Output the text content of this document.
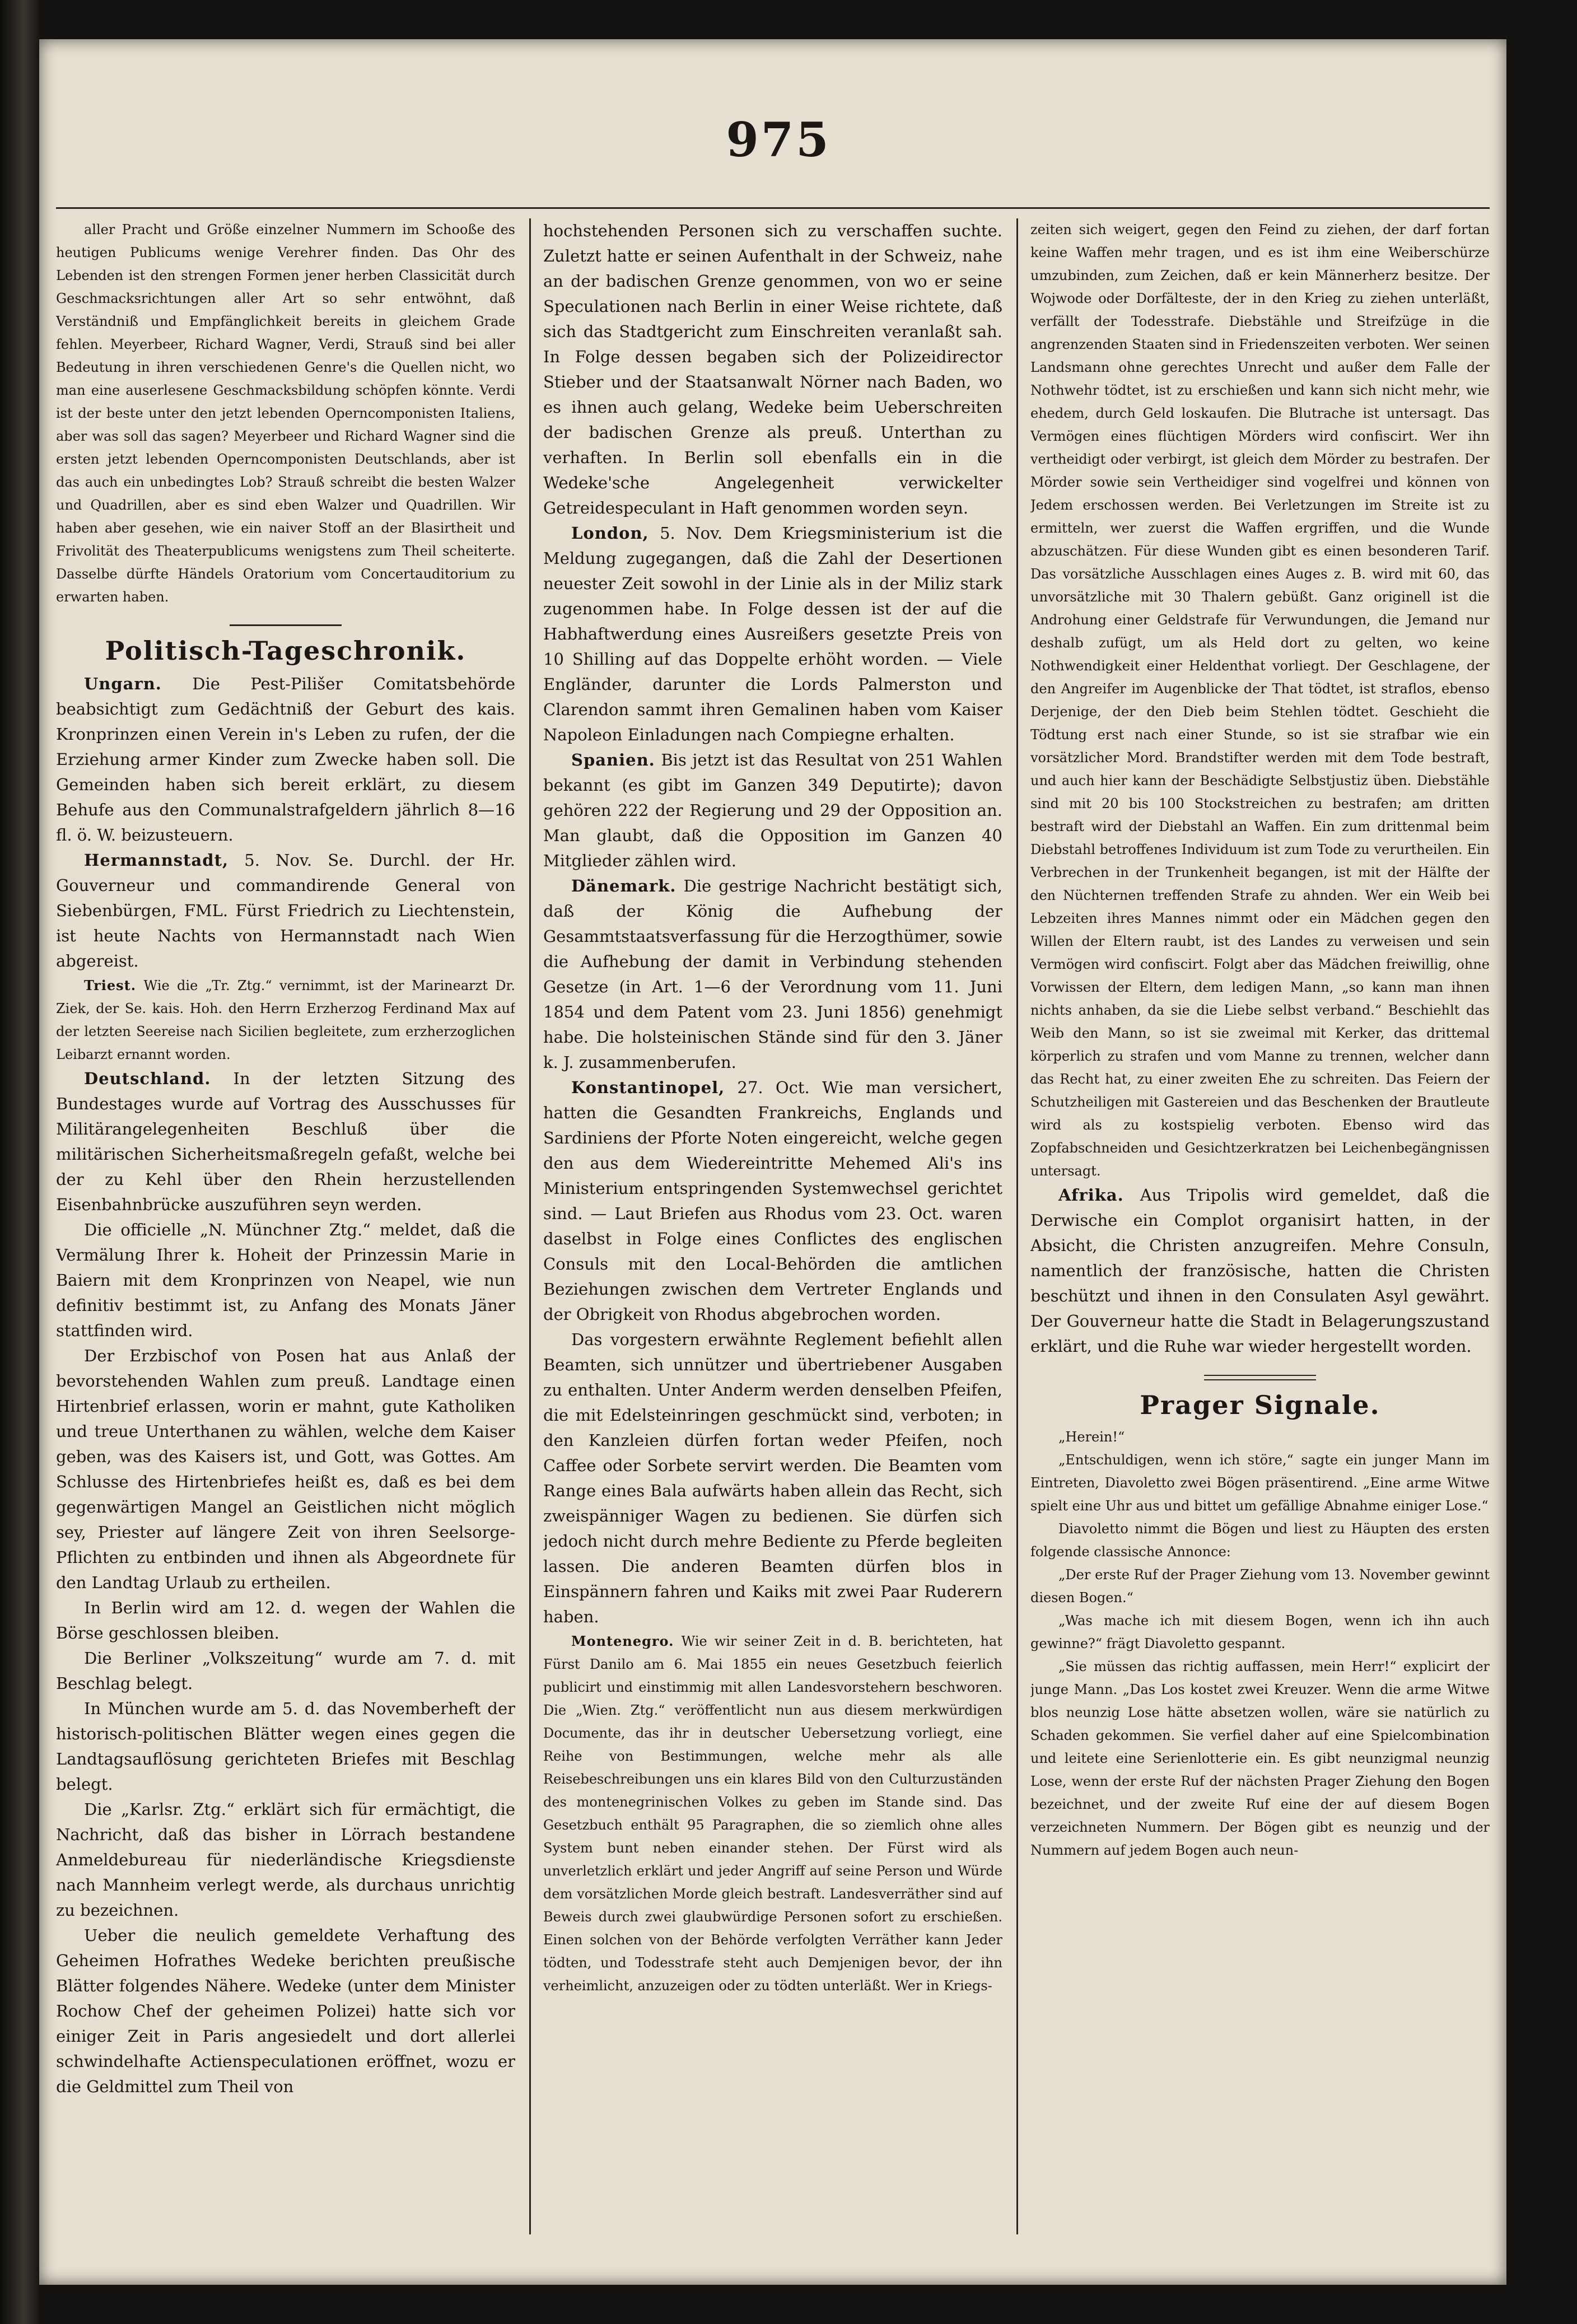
975

aller Pracht und Größe einzelner Nummern im Schooße des heutigen Publicums wenige Verehrer finden. Das Ohr des Lebenden ist den strengen Formen jener herben Classicität durch Geschmacksrichtungen aller Art so sehr entwöhnt, daß Verständniß und Empfänglichkeit bereits in gleichem Grade fehlen. Meyerbeer, Richard Wagner, Verdi, Strauß sind bei aller Bedeutung in ihren verschiedenen Genre's die Quellen nicht, wo man eine auserlesene Geschmacksbildung schöpfen könnte. Verdi ist der beste unter den jetzt lebenden Operncomponisten Italiens, aber was soll das sagen? Meyerbeer und Richard Wagner sind die ersten jetzt lebenden Operncomponisten Deutschlands, aber ist das auch ein unbedingtes Lob? Strauß schreibt die besten Walzer und Quadrillen, aber es sind eben Walzer und Quadrillen. Wir haben aber gesehen, wie ein naiver Stoff an der Blasirtheit und Frivolität des Theaterpublicums wenigstens zum Theil scheiterte. Dasselbe dürfte Händels Oratorium vom Concertauditorium zu erwarten haben.

Politisch-Tageschronik.

Ungarn. Die Pest-Pilišer Comitatsbehörde beabsichtigt zum Gedächtniß der Geburt des kais. Kronprinzen einen Verein in's Leben zu rufen, der die Erziehung armer Kinder zum Zwecke haben soll. Die Gemeinden haben sich bereit erklärt, zu diesem Behufe aus den Communalstrafgeldern jährlich 8—16 fl. ö. W. beizusteuern.

Hermannstadt, 5. Nov. Se. Durchl. der Hr. Gouverneur und commandirende General von Siebenbürgen, FML. Fürst Friedrich zu Liechtenstein, ist heute Nachts von Hermannstadt nach Wien abgereist.

Triest. Wie die „Tr. Ztg.“ vernimmt, ist der Marinearzt Dr. Ziek, der Se. kais. Hoh. den Herrn Erzherzog Ferdinand Max auf der letzten Seereise nach Sicilien begleitete, zum erzherzoglichen Leibarzt ernannt worden.

Deutschland. In der letzten Sitzung des Bundestages wurde auf Vortrag des Ausschusses für Militärangelegenheiten Beschluß über die militärischen Sicherheitsmaßregeln gefaßt, welche bei der zu Kehl über den Rhein herzustellenden Eisenbahnbrücke auszuführen seyn werden.

Die officielle „N. Münchner Ztg.“ meldet, daß die Vermälung Ihrer k. Hoheit der Prinzessin Marie in Baiern mit dem Kronprinzen von Neapel, wie nun definitiv bestimmt ist, zu Anfang des Monats Jäner stattfinden wird.

Der Erzbischof von Posen hat aus Anlaß der bevorstehenden Wahlen zum preuß. Landtage einen Hirtenbrief erlassen, worin er mahnt, gute Katholiken und treue Unterthanen zu wählen, welche dem Kaiser geben, was des Kaisers ist, und Gott, was Gottes. Am Schlusse des Hirtenbriefes heißt es, daß es bei dem gegenwärtigen Mangel an Geistlichen nicht möglich sey, Priester auf längere Zeit von ihren Seelsorge-Pflichten zu entbinden und ihnen als Abgeordnete für den Landtag Urlaub zu ertheilen.

In Berlin wird am 12. d. wegen der Wahlen die Börse geschlossen bleiben.

Die Berliner „Volkszeitung“ wurde am 7. d. mit Beschlag belegt.

In München wurde am 5. d. das Novemberheft der historisch-politischen Blätter wegen eines gegen die Landtagsauflösung gerichteten Briefes mit Beschlag belegt.

Die „Karlsr. Ztg.“ erklärt sich für ermächtigt, die Nachricht, daß das bisher in Lörrach bestandene Anmeldebureau für niederländische Kriegsdienste nach Mannheim verlegt werde, als durchaus unrichtig zu bezeichnen.

Ueber die neulich gemeldete Verhaftung des Geheimen Hofrathes Wedeke berichten preußische Blätter folgendes Nähere. Wedeke (unter dem Minister Rochow Chef der geheimen Polizei) hatte sich vor einiger Zeit in Paris angesiedelt und dort allerlei schwindelhafte Actienspeculationen eröffnet, wozu er die Geldmittel zum Theil von

hochstehenden Personen sich zu verschaffen suchte. Zuletzt hatte er seinen Aufenthalt in der Schweiz, nahe an der badischen Grenze genommen, von wo er seine Speculationen nach Berlin in einer Weise richtete, daß sich das Stadtgericht zum Einschreiten veranlaßt sah. In Folge dessen begaben sich der Polizeidirector Stieber und der Staatsanwalt Nörner nach Baden, wo es ihnen auch gelang, Wedeke beim Ueberschreiten der badischen Grenze als preuß. Unterthan zu verhaften. In Berlin soll ebenfalls ein in die Wedeke'sche Angelegenheit verwickelter Getreidespeculant in Haft genommen worden seyn.

London, 5. Nov. Dem Kriegsministerium ist die Meldung zugegangen, daß die Zahl der Desertionen neuester Zeit sowohl in der Linie als in der Miliz stark zugenommen habe. In Folge dessen ist der auf die Habhaftwerdung eines Ausreißers gesetzte Preis von 10 Shilling auf das Doppelte erhöht worden. — Viele Engländer, darunter die Lords Palmerston und Clarendon sammt ihren Gemalinen haben vom Kaiser Napoleon Einladungen nach Compiegne erhalten.

Spanien. Bis jetzt ist das Resultat von 251 Wahlen bekannt (es gibt im Ganzen 349 Deputirte); davon gehören 222 der Regierung und 29 der Opposition an. Man glaubt, daß die Opposition im Ganzen 40 Mitglieder zählen wird.

Dänemark. Die gestrige Nachricht bestätigt sich, daß der König die Aufhebung der Gesammtstaatsverfassung für die Herzogthümer, sowie die Aufhebung der damit in Verbindung stehenden Gesetze (in Art. 1—6 der Verordnung vom 11. Juni 1854 und dem Patent vom 23. Juni 1856) genehmigt habe. Die holsteinischen Stände sind für den 3. Jäner k. J. zusammenberufen.

Konstantinopel, 27. Oct. Wie man versichert, hatten die Gesandten Frankreichs, Englands und Sardiniens der Pforte Noten eingereicht, welche gegen den aus dem Wiedereintritte Mehemed Ali's ins Ministerium entspringenden Systemwechsel gerichtet sind. — Laut Briefen aus Rhodus vom 23. Oct. waren daselbst in Folge eines Conflictes des englischen Consuls mit den Local-Behörden die amtlichen Beziehungen zwischen dem Vertreter Englands und der Obrigkeit von Rhodus abgebrochen worden.

Das vorgestern erwähnte Reglement befiehlt allen Beamten, sich unnützer und übertriebener Ausgaben zu enthalten. Unter Anderm werden denselben Pfeifen, die mit Edelsteinringen geschmückt sind, verboten; in den Kanzleien dürfen fortan weder Pfeifen, noch Caffee oder Sorbete servirt werden. Die Beamten vom Range eines Bala aufwärts haben allein das Recht, sich zweispänniger Wagen zu bedienen. Sie dürfen sich jedoch nicht durch mehre Bediente zu Pferde begleiten lassen. Die anderen Beamten dürfen blos in Einspännern fahren und Kaiks mit zwei Paar Ruderern haben.

Montenegro. Wie wir seiner Zeit in d. B. berichteten, hat Fürst Danilo am 6. Mai 1855 ein neues Gesetzbuch feierlich publicirt und einstimmig mit allen Landesvorstehern beschworen. Die „Wien. Ztg.“ veröffentlicht nun aus diesem merkwürdigen Documente, das ihr in deutscher Uebersetzung vorliegt, eine Reihe von Bestimmungen, welche mehr als alle Reisebeschreibungen uns ein klares Bild von den Culturzuständen des montenegrinischen Volkes zu geben im Stande sind. Das Gesetzbuch enthält 95 Paragraphen, die so ziemlich ohne alles System bunt neben einander stehen. Der Fürst wird als unverletzlich erklärt und jeder Angriff auf seine Person und Würde dem vorsätzlichen Morde gleich bestraft. Landesverräther sind auf Beweis durch zwei glaubwürdige Personen sofort zu erschießen. Einen solchen von der Behörde verfolgten Verräther kann Jeder tödten, und Todesstrafe steht auch Demjenigen bevor, der ihn verheimlicht, anzuzeigen oder zu tödten unterläßt. Wer in Kriegs-

zeiten sich weigert, gegen den Feind zu ziehen, der darf fortan keine Waffen mehr tragen, und es ist ihm eine Weiberschürze umzubinden, zum Zeichen, daß er kein Männerherz besitze. Der Wojwode oder Dorfälteste, der in den Krieg zu ziehen unterläßt, verfällt der Todesstrafe. Diebstähle und Streifzüge in die angrenzenden Staaten sind in Friedenszeiten verboten. Wer seinen Landsmann ohne gerechtes Unrecht und außer dem Falle der Nothwehr tödtet, ist zu erschießen und kann sich nicht mehr, wie ehedem, durch Geld loskaufen. Die Blutrache ist untersagt. Das Vermögen eines flüchtigen Mörders wird confiscirt. Wer ihn vertheidigt oder verbirgt, ist gleich dem Mörder zu bestrafen. Der Mörder sowie sein Vertheidiger sind vogelfrei und können von Jedem erschossen werden. Bei Verletzungen im Streite ist zu ermitteln, wer zuerst die Waffen ergriffen, und die Wunde abzuschätzen. Für diese Wunden gibt es einen besonderen Tarif. Das vorsätzliche Ausschlagen eines Auges z. B. wird mit 60, das unvorsätzliche mit 30 Thalern gebüßt. Ganz originell ist die Androhung einer Geldstrafe für Verwundungen, die Jemand nur deshalb zufügt, um als Held dort zu gelten, wo keine Nothwendigkeit einer Heldenthat vorliegt. Der Geschlagene, der den Angreifer im Augenblicke der That tödtet, ist straflos, ebenso Derjenige, der den Dieb beim Stehlen tödtet. Geschieht die Tödtung erst nach einer Stunde, so ist sie strafbar wie ein vorsätzlicher Mord. Brandstifter werden mit dem Tode bestraft, und auch hier kann der Beschädigte Selbstjustiz üben. Diebstähle sind mit 20 bis 100 Stockstreichen zu bestrafen; am dritten bestraft wird der Diebstahl an Waffen. Ein zum drittenmal beim Diebstahl betroffenes Individuum ist zum Tode zu verurtheilen. Ein Verbrechen in der Trunkenheit begangen, ist mit der Hälfte der den Nüchternen treffenden Strafe zu ahnden. Wer ein Weib bei Lebzeiten ihres Mannes nimmt oder ein Mädchen gegen den Willen der Eltern raubt, ist des Landes zu verweisen und sein Vermögen wird confiscirt. Folgt aber das Mädchen freiwillig, ohne Vorwissen der Eltern, dem ledigen Mann, „so kann man ihnen nichts anhaben, da sie die Liebe selbst verband.“ Beschiehlt das Weib den Mann, so ist sie zweimal mit Kerker, das drittemal körperlich zu strafen und vom Manne zu trennen, welcher dann das Recht hat, zu einer zweiten Ehe zu schreiten. Das Feiern der Schutzheiligen mit Gastereien und das Beschenken der Brautleute wird als zu kostspielig verboten. Ebenso wird das Zopfabschneiden und Gesichtzerkratzen bei Leichenbegängnissen untersagt.

Afrika. Aus Tripolis wird gemeldet, daß die Derwische ein Complot organisirt hatten, in der Absicht, die Christen anzugreifen. Mehre Consuln, namentlich der französische, hatten die Christen beschützt und ihnen in den Consulaten Asyl gewährt. Der Gouverneur hatte die Stadt in Belagerungszustand erklärt, und die Ruhe war wieder hergestellt worden.

Prager Signale.

„Herein!“

„Entschuldigen, wenn ich störe,“ sagte ein junger Mann im Eintreten, Diavoletto zwei Bögen präsentirend. „Eine arme Witwe spielt eine Uhr aus und bittet um gefällige Abnahme einiger Lose.“

Diavoletto nimmt die Bögen und liest zu Häupten des ersten folgende classische Annonce:

„Der erste Ruf der Prager Ziehung vom 13. November gewinnt diesen Bogen.“

„Was mache ich mit diesem Bogen, wenn ich ihn auch gewinne?“ frägt Diavoletto gespannt.

„Sie müssen das richtig auffassen, mein Herr!“ explicirt der junge Mann. „Das Los kostet zwei Kreuzer. Wenn die arme Witwe blos neunzig Lose hätte absetzen wollen, wäre sie natürlich zu Schaden gekommen. Sie verfiel daher auf eine Spielcombination und leitete eine Serienlotterie ein. Es gibt neunzigmal neunzig Lose, wenn der erste Ruf der nächsten Prager Ziehung den Bogen bezeichnet, und der zweite Ruf eine der auf diesem Bogen verzeichneten Nummern. Der Bögen gibt es neunzig und der Nummern auf jedem Bogen auch neun-
